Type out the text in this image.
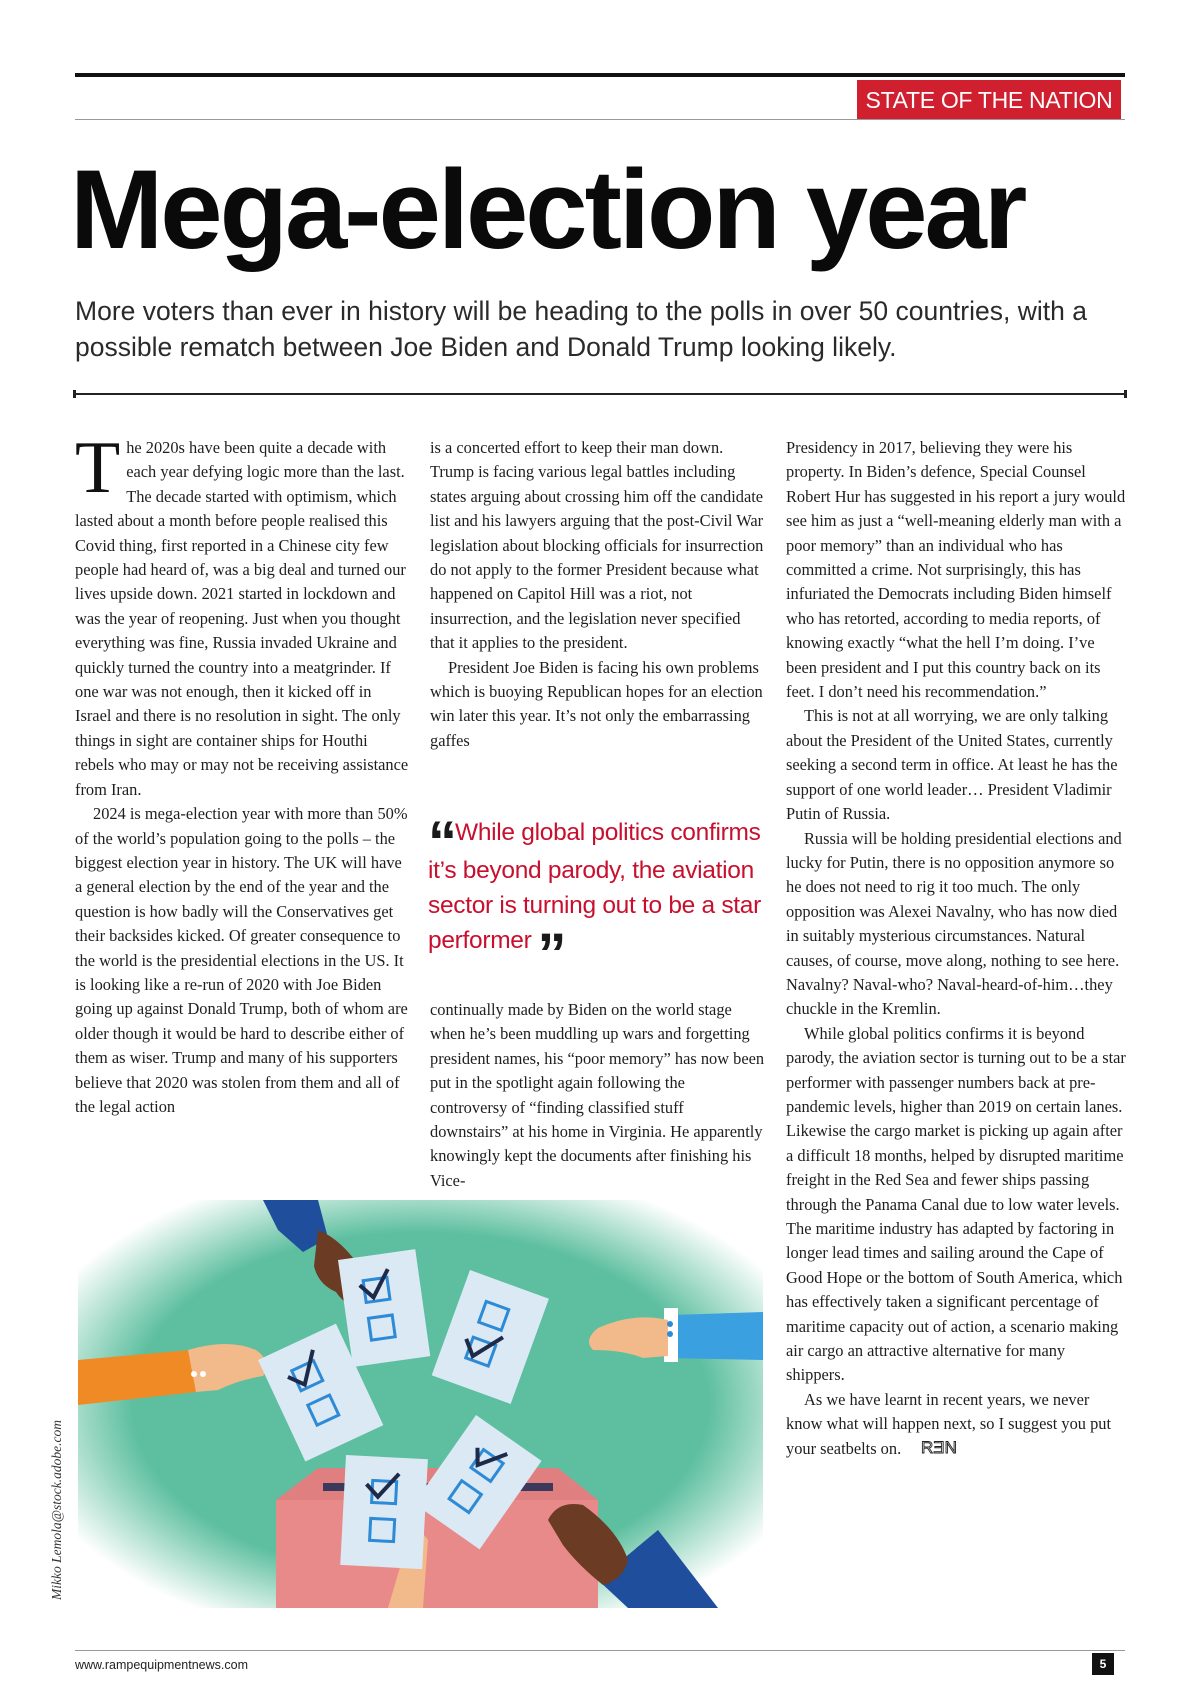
STATE OF THE NATION
Mega-election year

More voters than ever in history will be heading to the polls in over 50 countries, with a possible rematch between Joe Biden and Donald Trump looking likely.

The 2020s have been quite a decade with each year defying logic more than the last. The decade started with optimism, which lasted about a month before people realised this Covid thing, first reported in a Chinese city few people had heard of, was a big deal and turned our lives upside down. 2021 started in lockdown and was the year of reopening. Just when you thought everything was fine, Russia invaded Ukraine and quickly turned the country into a meatgrinder. If one war was not enough, then it kicked off in Israel and there is no resolution in sight. The only things in sight are container ships for Houthi rebels who may or may not be receiving assistance from Iran.

2024 is mega-election year with more than 50% of the world’s population going to the polls – the biggest election year in history. The UK will have a general election by the end of the year and the question is how badly will the Conservatives get their backsides kicked. Of greater consequence to the world is the presidential elections in the US. It is looking like a re-run of 2020 with Joe Biden going up against Donald Trump, both of whom are older though it would be hard to describe either of them as wiser. Trump and many of his supporters believe that 2020 was stolen from them and all of the legal action

is a concerted effort to keep their man down. Trump is facing various legal battles including states arguing about crossing him off the candidate list and his lawyers arguing that the post-Civil War legislation about blocking officials for insurrection do not apply to the former President because what happened on Capitol Hill was a riot, not insurrection, and the legislation never specified that it applies to the president.

President Joe Biden is facing his own problems which is buoying Republican hopes for an election win later this year. It’s not only the embarrassing gaffes

“ While global politics confirms it’s beyond parody, the aviation sector is turning out to be a star performer ”

continually made by Biden on the world stage when he’s been muddling up wars and forgetting president names, his “poor memory” has now been put in the spotlight again following the controversy of “finding classified stuff downstairs” at his home in Virginia. He apparently knowingly kept the documents after finishing his Vice-

Presidency in 2017, believing they were his property. In Biden’s defence, Special Counsel Robert Hur has suggested in his report a jury would see him as just a “well-meaning elderly man with a poor memory” than an individual who has committed a crime. Not surprisingly, this has infuriated the Democrats including Biden himself who has retorted, according to media reports, of knowing exactly “what the hell I’m doing. I’ve been president and I put this country back on its feet. I don’t need his recommendation.”

This is not at all worrying, we are only talking about the President of the United States, currently seeking a second term in office. At least he has the support of one world leader… President Vladimir Putin of Russia.

Russia will be holding presidential elections and lucky for Putin, there is no opposition anymore so he does not need to rig it too much. The only opposition was Alexei Navalny, who has now died in suitably mysterious circumstances. Natural causes, of course, move along, nothing to see here. Navalny? Naval-who? Naval-heard-of-him…they chuckle in the Kremlin.

While global politics confirms it is beyond parody, the aviation sector is turning out to be a star performer with passenger numbers back at pre-pandemic levels, higher than 2019 on certain lanes. Likewise the cargo market is picking up again after a difficult 18 months, helped by disrupted maritime freight in the Red Sea and fewer ships passing through the Panama Canal due to low water levels. The maritime industry has adapted by factoring in longer lead times and sailing around the Cape of Good Hope or the bottom of South America, which has effectively taken a significant percentage of maritime capacity out of action, a scenario making air cargo an attractive alternative for many shippers.

As we have learnt in recent years, we never know what will happen next, so I suggest you put your seatbelts on. RƎN

Mikko Lemola@stock.adobe.com
www.rampequipmentnews.com	5
